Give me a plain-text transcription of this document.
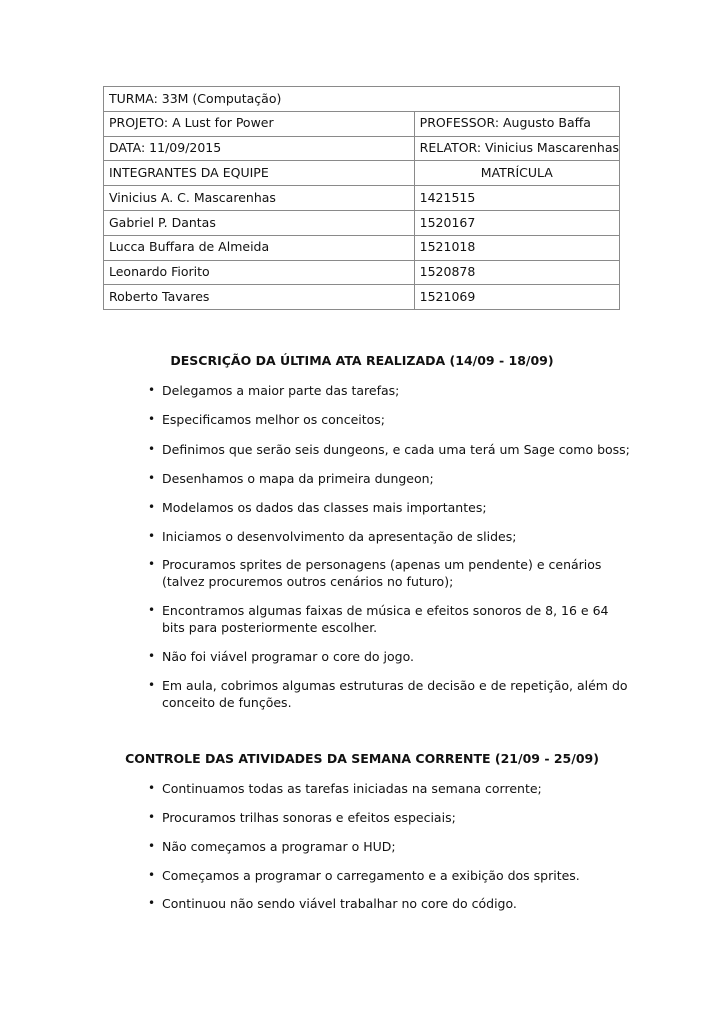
TURMA: 33M (Computação)	
PROJETO: A Lust for Power	PROFESSOR: Augusto Baffa
DATA: 11/09/2015	RELATOR: Vinicius Mascarenhas
INTEGRANTES DA EQUIPE	MATRÍCULA
Vinicius A. C. Mascarenhas	1421515
Gabriel P. Dantas	1520167
Lucca Buffara de Almeida	1521018
Leonardo Fiorito	1520878
Roberto Tavares	1521069
DESCRIÇÃO DA ÚLTIMA ATA REALIZADA (14/09 - 18/09)
• Delegamos a maior parte das tarefas;
• Especificamos melhor os conceitos;
• Definimos que serão seis dungeons, e cada uma terá um Sage como boss;
• Desenhamos o mapa da primeira dungeon;
• Modelamos os dados das classes mais importantes;
• Iniciamos o desenvolvimento da apresentação de slides;
• Procuramos sprites de personagens (apenas um pendente) e cenários (talvez procuremos outros cenários no futuro);
• Encontramos algumas faixas de música e efeitos sonoros de 8, 16 e 64 bits para posteriormente escolher.
• Não foi viável programar o core do jogo.
• Em aula, cobrimos algumas estruturas de decisão e de repetição, além do conceito de funções.
CONTROLE DAS ATIVIDADES DA SEMANA CORRENTE (21/09 - 25/09)
• Continuamos todas as tarefas iniciadas na semana corrente;
• Procuramos trilhas sonoras e efeitos especiais;
• Não começamos a programar o HUD;
• Começamos a programar o carregamento e a exibição dos sprites.
• Continuou não sendo viável trabalhar no core do código.
